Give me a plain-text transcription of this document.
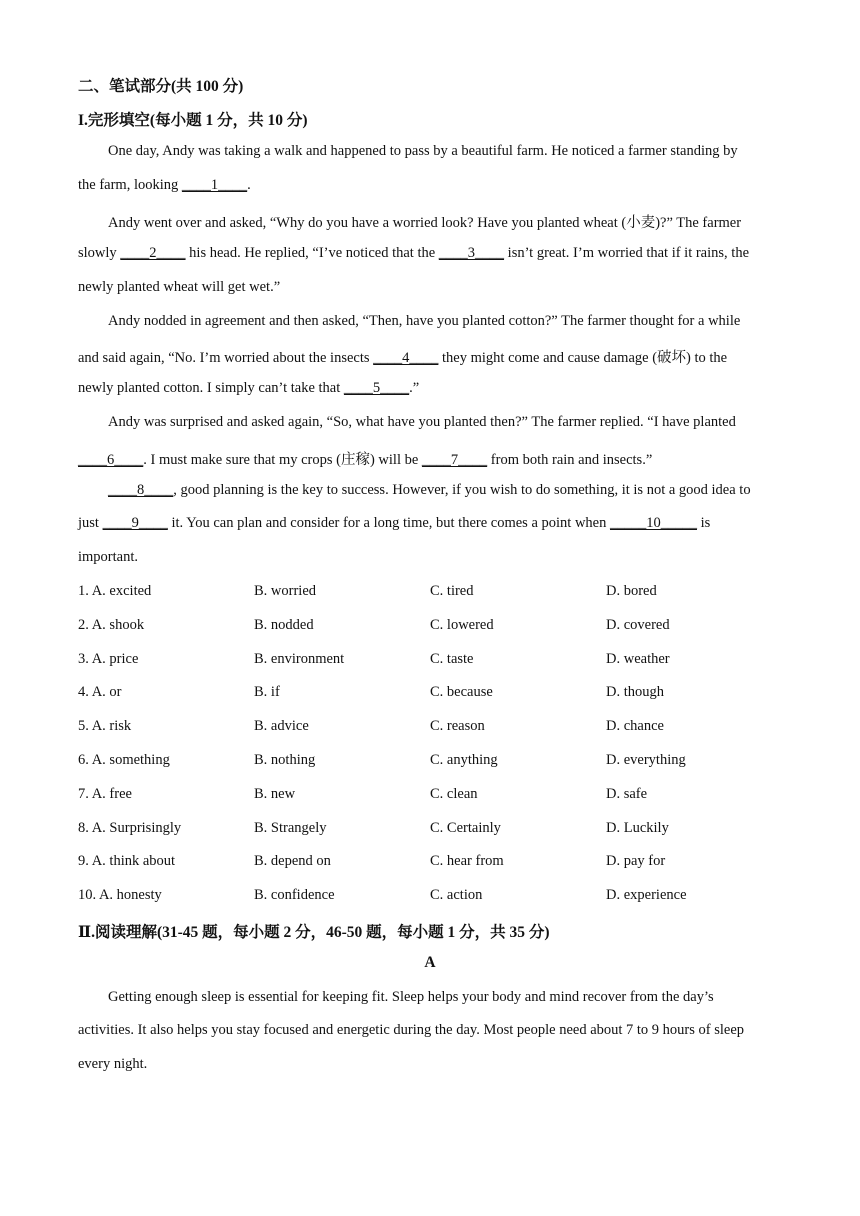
二、笔试部分(共 100 分)
I.完形填空(每小题 1 分，共 10 分)
One day, Andy was taking a walk and happened to pass by a beautiful farm. He noticed a farmer standing by
the farm, looking ____1____.
Andy went over and asked, “Why do you have a worried look? Have you planted wheat (小麦)?” The farmer
slowly ____2____ his head. He replied, “I’ve noticed that the ____3____ isn’t great. I’m worried that if it rains, the
newly planted wheat will get wet.”
Andy nodded in agreement and then asked, “Then, have you planted cotton?” The farmer thought for a while
and said again, “No. I’m worried about the insects ____4____ they might come and cause damage (破坏) to the
newly planted cotton. I simply can’t take that ____5____.”
Andy was surprised and asked again, “So, what have you planted then?” The farmer replied. “I have planted
____6____. I must make sure that my crops (庄稼) will be ____7____ from both rain and insects.”
____8____, good planning is the key to success. However, if you wish to do something, it is not a good idea to
just ____9____ it. You can plan and consider for a long time, but there comes a point when _____10_____ is
important.
1. A. excited	B. worried	C. tired	D. bored
2. A. shook	B. nodded	C. lowered	D. covered
3. A. price	B. environment	C. taste	D. weather
4. A. or	B. if	C. because	D. though
5. A. risk	B. advice	C. reason	D. chance
6. A. something	B. nothing	C. anything	D. everything
7. A. free	B. new	C. clean	D. safe
8. A. Surprisingly	B. Strangely	C. Certainly	D. Luckily
9. A. think about	B. depend on	C. hear from	D. pay for
10. A. honesty	B. confidence	C. action	D. experience
Ⅱ.阅读理解(31-45 题，每小题 2 分，46-50 题，每小题 1 分，共 35 分)
A
Getting enough sleep is essential for keeping fit. Sleep helps your body and mind recover from the day’s
activities. It also helps you stay focused and energetic during the day. Most people need about 7 to 9 hours of sleep
every night.
